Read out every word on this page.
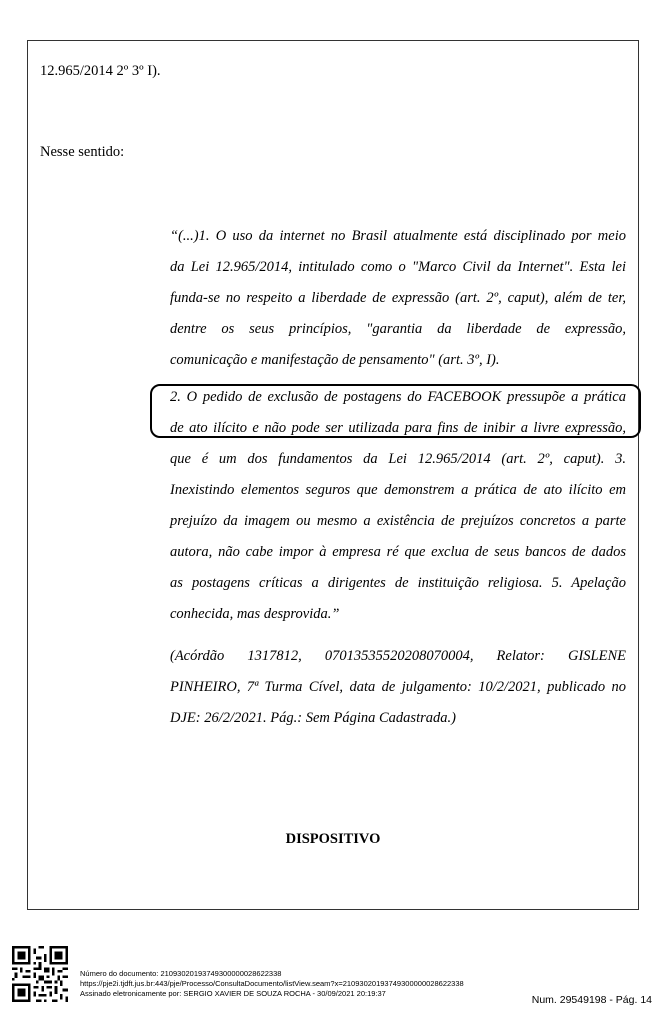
12.965/2014 2º 3º I).
Nesse sentido:
“(...)1. O uso da internet no Brasil atualmente está disciplinado por meio
da Lei 12.965/2014, intitulado como o "Marco Civil da Internet". Esta lei
funda-se no respeito a liberdade de expressão (art. 2º, caput), além de ter,
dentre os seus princípios, "garantia da liberdade de expressão,
comunicação e manifestação de pensamento" (art. 3º, I).
2. O pedido de exclusão de postagens do FACEBOOK pressupõe a prática
de ato ilícito e não pode ser utilizada para fins de inibir a livre expressão,
que é um dos fundamentos da Lei 12.965/2014 (art. 2º, caput). 3.
Inexistindo elementos seguros que demonstrem a prática de ato ilícito em
prejuízo da imagem ou mesmo a existência de prejuízos concretos a parte
autora, não cabe impor à empresa ré que exclua de seus bancos de dados
as postagens críticas a dirigentes de instituição religiosa. 5. Apelação
conhecida, mas desprovida.”
(Acórdão 1317812, 07013535520208070004, Relator: GISLENE
PINHEIRO, 7ª Turma Cível, data de julgamento: 10/2/2021, publicado no
DJE: 26/2/2021. Pág.: Sem Página Cadastrada.)
DISPOSITIVO
Número do documento: 21093020193749300000028622338
https://pje2i.tjdft.jus.br:443/pje/Processo/ConsultaDocumento/listView.seam?x=21093020193749300000028622338
Assinado eletronicamente por: SERGIO XAVIER DE SOUZA ROCHA - 30/09/2021 20:19:37
Num. 29549198 - Pág. 14
